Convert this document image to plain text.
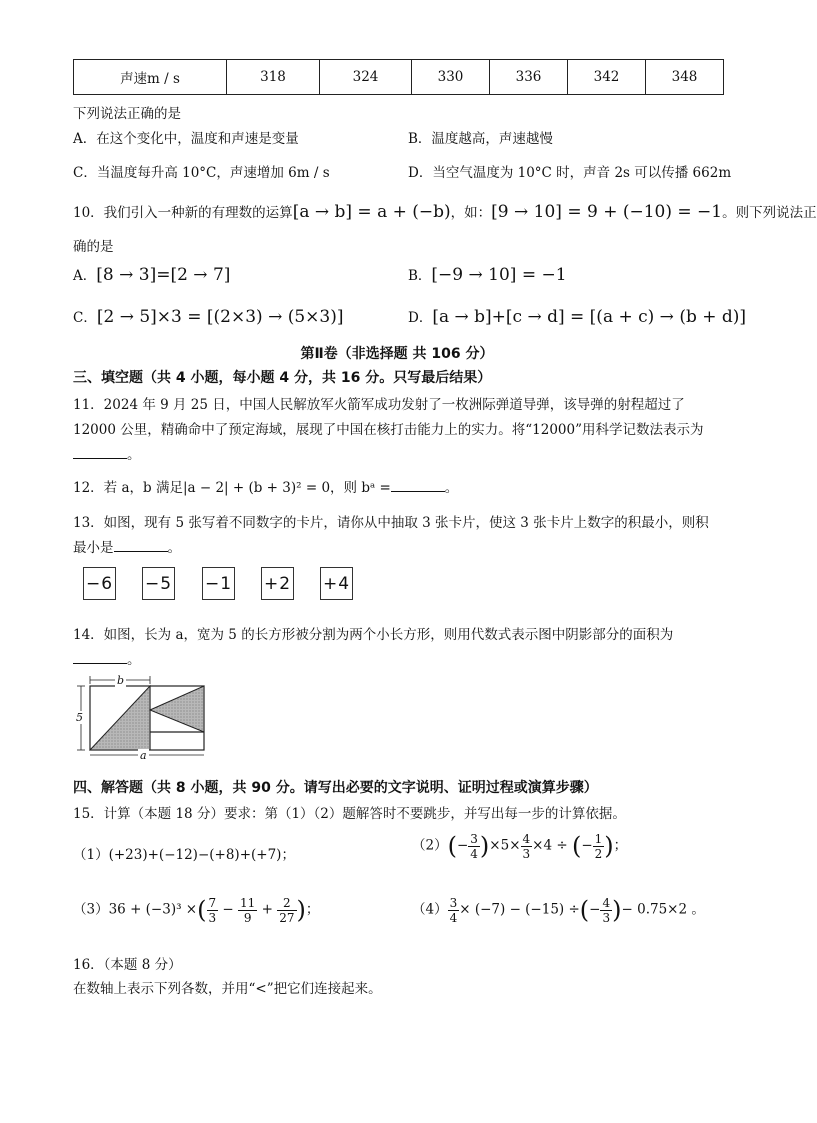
声速m / s	318	324	330	336	342	348
下列说法正确的是
A．在这个变化中，温度和声速是变量	B．温度越高，声速越慢
C．当温度每升高 10°C，声速增加 6m / s	D．当空气温度为 10°C 时，声音 2s 可以传播 662m
10．我们引入一种新的有理数的运算[a → b] = a + (−b)，如：[9 → 10] = 9 + (−10) = −1。则下列说法正
确的是
A．[8 → 3]=[2 → 7]	B．[−9 → 10] = −1
C．[2 → 5]×3 = [(2×3) → (5×3)]	D．[a → b]+[c → d] = [(a + c) → (b + d)]
第Ⅱ卷（非选择题 共 106 分）
三、填空题（共 4 小题，每小题 4 分，共 16 分。只写最后结果）
11．2024 年 9 月 25 日，中国人民解放军火箭军成功发射了一枚洲际弹道导弹，该导弹的射程超过了
12000 公里，精确命中了预定海域，展现了中国在核打击能力上的实力。将“12000”用科学记数法表示为
。
12．若 a，b 满足|a − 2| + (b + 3)² = 0，则 bᵃ =	。
13．如图，现有 5 张写着不同数字的卡片，请你从中抽取 3 张卡片，使这 3 张卡片上数字的积最小，则积
最小是	。
−6 −5 −1 +2 +4
14．如图，长为 a，宽为 5 的长方形被分割为两个小长方形，则用代数式表示图中阴影部分的面积为
。
b
5
a
四、解答题（共 8 小题，共 90 分。请写出必要的文字说明、证明过程或演算步骤）
15．计算（本题 18 分）要求：第（1）（2）题解答时不要跳步，并写出每一步的计算依据。
（1）(+23)+(−12)−(+8)+(+7)；
$(2)(- \frac{3}{4} )\times 5\times \frac{4}{3} \times 4$ ÷ (− $\frac{1}{2}$ )；
（3）36 + (−3)³ ×( $\frac{7}{3} - \frac{11}{9} + \frac{2}{27}$ )；	$(4) \frac{3}{4} \times (-7) - (-15)$ ÷(− $\frac{4}{3}$ )− 0.75×2 。
16．（本题 8 分）
在数轴上表示下列各数，并用“<”把它们连接起来。
